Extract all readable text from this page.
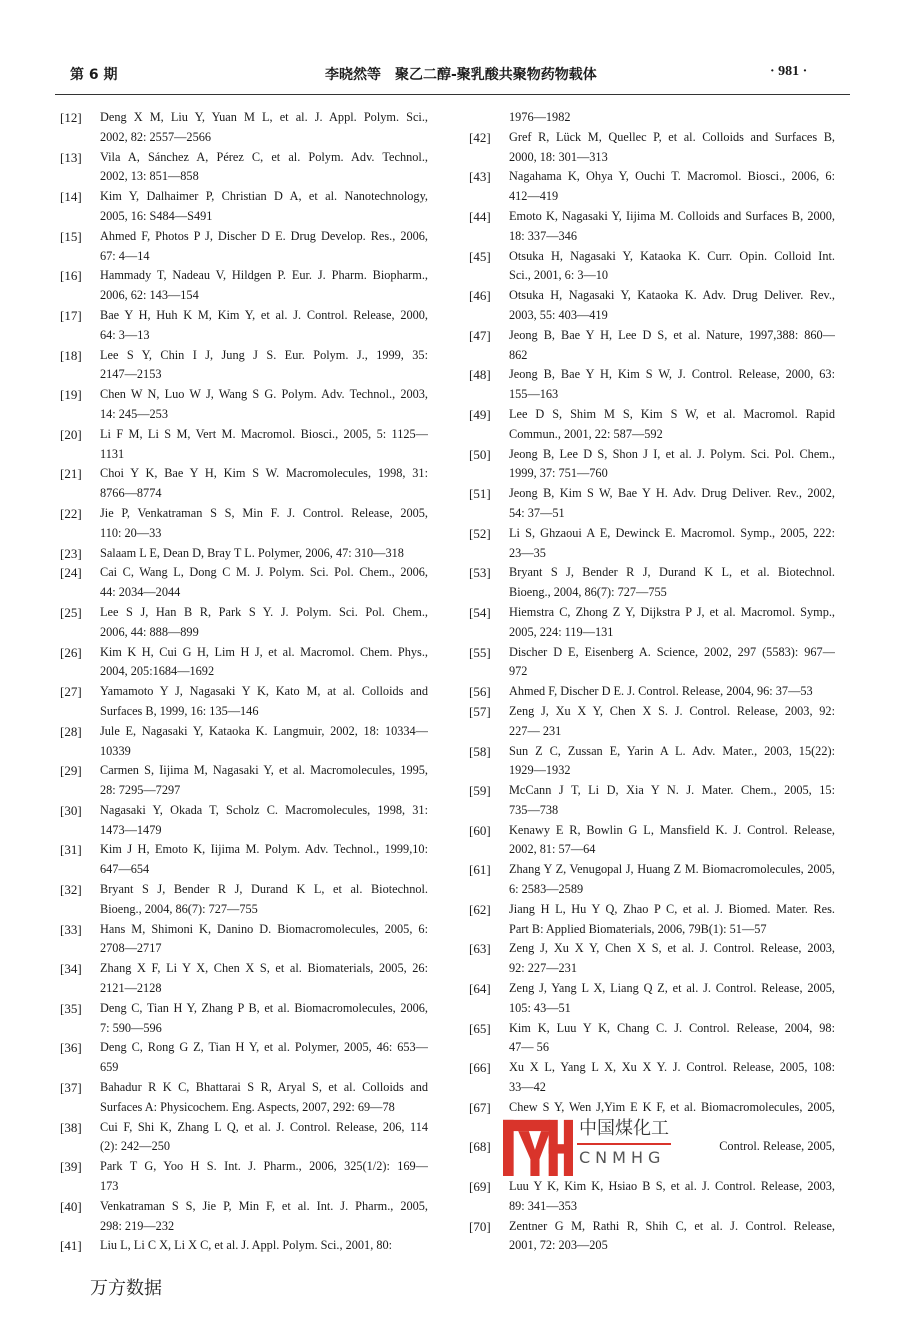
第 6 期	李晓然等　聚乙二醇-聚乳酸共聚物药物载体	· 981 ·
[12] Deng X M, Liu Y, Yuan M L, et al. J. Appl. Polym. Sci.,
2002, 82: 2557—2566
[13] Vila A, Sánchez A, Pérez C, et al. Polym. Adv. Technol.,
2002, 13: 851—858
[14] Kim Y, Dalhaimer P, Christian D A, et al. Nanotechnology,
2005, 16: S484—S491
[15] Ahmed F, Photos P J, Discher D E. Drug Develop. Res., 2006,
67: 4—14
[16] Hammady T, Nadeau V, Hildgen P. Eur. J. Pharm. Biopharm.,
2006, 62: 143—154
[17] Bae Y H, Huh K M, Kim Y, et al. J. Control. Release, 2000,
64: 3—13
[18] Lee S Y, Chin I J, Jung J S. Eur. Polym. J., 1999, 35:
2147—2153
[19] Chen W N, Luo W J, Wang S G. Polym. Adv. Technol., 2003,
14: 245—253
[20] Li F M, Li S M, Vert M. Macromol. Biosci., 2005, 5: 1125—
1131
[21] Choi Y K, Bae Y H, Kim S W. Macromolecules, 1998, 31:
8766—8774
[22] Jie P, Venkatraman S S, Min F. J. Control. Release, 2005,
110: 20—33
[23] Salaam L E, Dean D, Bray T L. Polymer, 2006, 47: 310—318
[24] Cai C, Wang L, Dong C M. J. Polym. Sci. Pol. Chem., 2006,
44: 2034—2044
[25] Lee S J, Han B R, Park S Y. J. Polym. Sci. Pol. Chem.,
2006, 44: 888—899
[26] Kim K H, Cui G H, Lim H J, et al. Macromol. Chem. Phys.,
2004, 205:1684—1692
[27] Yamamoto Y J, Nagasaki Y K, Kato M, at al. Colloids and
Surfaces B, 1999, 16: 135—146
[28] Jule E, Nagasaki Y, Kataoka K. Langmuir, 2002, 18: 10334—
10339
[29] Carmen S, Iijima M, Nagasaki Y, et al. Macromolecules, 1995,
28: 7295—7297
[30] Nagasaki Y, Okada T, Scholz C. Macromolecules, 1998, 31:
1473—1479
[31] Kim J H, Emoto K, Iijima M. Polym. Adv. Technol., 1999,10:
647—654
[32] Bryant S J, Bender R J, Durand K L, et al. Biotechnol.
Bioeng., 2004, 86(7): 727—755
[33] Hans M, Shimoni K, Danino D. Biomacromolecules, 2005, 6:
2708—2717
[34] Zhang X F, Li Y X, Chen X S, et al. Biomaterials, 2005, 26:
2121—2128
[35] Deng C, Tian H Y, Zhang P B, et al. Biomacromolecules, 2006,
7: 590—596
[36] Deng C, Rong G Z, Tian H Y, et al. Polymer, 2005, 46: 653—
659
[37] Bahadur R K C, Bhattarai S R, Aryal S, et al. Colloids and
Surfaces A: Physicochem. Eng. Aspects, 2007, 292: 69—78
[38] Cui F, Shi K, Zhang L Q, et al. J. Control. Release, 206, 114
(2): 242—250
[39] Park T G, Yoo H S. Int. J. Pharm., 2006, 325(1/2): 169—
173
[40] Venkatraman S S, Jie P, Min F, et al. Int. J. Pharm., 2005,
298: 219—232
[41] Liu L, Li C X, Li X C, et al. J. Appl. Polym. Sci., 2001, 80:
1976—1982
[42] Gref R, Lück M, Quellec P, et al. Colloids and Surfaces B,
2000, 18: 301—313
[43] Nagahama K, Ohya Y, Ouchi T. Macromol. Biosci., 2006, 6:
412—419
[44] Emoto K, Nagasaki Y, Iijima M. Colloids and Surfaces B, 2000,
18: 337—346
[45] Otsuka H, Nagasaki Y, Kataoka K. Curr. Opin. Colloid Int.
Sci., 2001, 6: 3—10
[46] Otsuka H, Nagasaki Y, Kataoka K. Adv. Drug Deliver. Rev.,
2003, 55: 403—419
[47] Jeong B, Bae Y H, Lee D S, et al. Nature, 1997,388: 860—
862
[48] Jeong B, Bae Y H, Kim S W, J. Control. Release, 2000, 63:
155—163
[49] Lee D S, Shim M S, Kim S W, et al. Macromol. Rapid
Commun., 2001, 22: 587—592
[50] Jeong B, Lee D S, Shon J I, et al. J. Polym. Sci. Pol. Chem.,
1999, 37: 751—760
[51] Jeong B, Kim S W, Bae Y H. Adv. Drug Deliver. Rev., 2002,
54: 37—51
[52] Li S, Ghzaoui A E, Dewinck E. Macromol. Symp., 2005, 222:
23—35
[53] Bryant S J, Bender R J, Durand K L, et al. Biotechnol.
Bioeng., 2004, 86(7): 727—755
[54] Hiemstra C, Zhong Z Y, Dijkstra P J, et al. Macromol. Symp.,
2005, 224: 119—131
[55] Discher D E, Eisenberg A. Science, 2002, 297 (5583): 967—
972
[56] Ahmed F, Discher D E. J. Control. Release, 2004, 96: 37—53
[57] Zeng J, Xu X Y, Chen X S. J. Control. Release, 2003, 92:
227— 231
[58] Sun Z C, Zussan E, Yarin A L. Adv. Mater., 2003, 15(22):
1929—1932
[59] McCann J T, Li D, Xia Y N. J. Mater. Chem., 2005, 15:
735—738
[60] Kenawy E R, Bowlin G L, Mansfield K. J. Control. Release,
2002, 81: 57—64
[61] Zhang Y Z, Venugopal J, Huang Z M. Biomacromolecules, 2005,
6: 2583—2589
[62] Jiang H L, Hu Y Q, Zhao P C, et al. J. Biomed. Mater. Res.
Part B: Applied Biomaterials, 2006, 79B(1): 51—57
[63] Zeng J, Xu X Y, Chen X S, et al. J. Control. Release, 2003,
92: 227—231
[64] Zeng J, Yang L X, Liang Q Z, et al. J. Control. Release, 2005,
105: 43—51
[65] Kim K, Luu Y K, Chang C. J. Control. Release, 2004, 98:
47— 56
[66] Xu X L, Yang L X, Xu X Y. J. Control. Release, 2005, 108:
33—42
[67] Chew S Y, Wen J,Yim E K F, et al. Biomacromolecules, 2005,
[68]	Control. Release, 2005,
[69] Luu Y K, Kim K, Hsiao B S, et al. J. Control. Release, 2003,
89: 341—353
[70] Zentner G M, Rathi R, Shih C, et al. J. Control. Release,
2001, 72: 203—205
中国煤化工
CNMHG
万方数据
